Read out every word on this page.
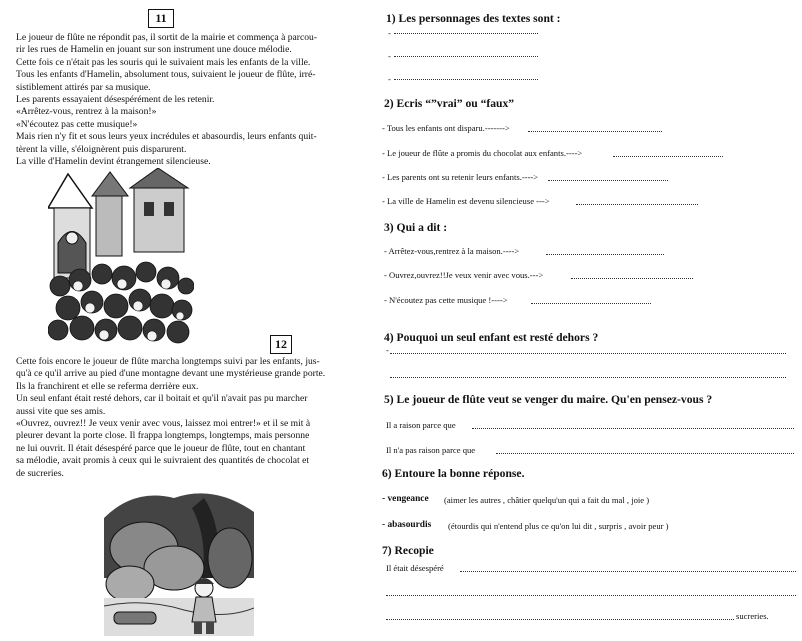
11
Le joueur de flûte ne répondit pas, il sortit de la mairie et commença à parcou-
rir les rues de Hamelin en jouant sur son instrument une douce mélodie.
Cette fois ce n'était pas les souris qui le suivaient mais les enfants de la ville.
Tous les enfants d'Hamelin, absolument tous, suivaient le joueur de flûte, irré-
sistiblement attirés par sa musique.
Les parents essayaient désespérément de les retenir.
«Arrêtez-vous, rentrez à la maison!»
«N'écoutez pas cette musique!»
Mais rien n'y fit et sous leurs yeux incrédules et abasourdis, leurs enfants quit-
tèrent la ville, s'éloignèrent puis disparurent.
La ville d'Hamelin devint étrangement silencieuse.
12
Cette fois encore le joueur de flûte marcha longtemps suivi par les enfants, jus-
qu'à ce qu'il arrive au pied d'une montagne devant une mystérieuse grande porte.
Ils la franchirent et elle se referma derrière eux.
Un seul enfant était resté dehors, car il boitait et qu'il n'avait pas pu marcher
aussi vite que ses amis.
«Ouvrez, ouvrez!! Je veux venir avec vous, laissez moi entrer!» et il se mit à
pleurer devant la porte close. Il frappa longtemps, longtemps, mais personne
ne lui ouvrit. Il était désespéré parce que le joueur de flûte, tout en chantant
sa mélodie, avait promis à ceux qui le suivraient des quantités de chocolat et
de sucreries.
1) Les personnages des textes sont :
-
-
-
2) Ecris “”vrai” ou “faux”
- Tous les enfants ont disparu.------->
- Le joueur de flûte a promis du chocolat aux enfants.---->
- Les parents ont su retenir leurs enfants.---->
- La ville de Hamelin est devenu silencieuse --->
3) Qui a dit :
- Arrêtez-vous,rentrez à la maison.---->
- Ouvrez,ouvrez!!Je veux venir avec vous.--->
- N'écoutez pas cette musique !---->
4) Pouquoi un seul enfant est resté dehors ?
-
5) Le joueur de flûte veut se venger du maire. Qu'en pensez-vous ?
Il a raison parce que
Il n'a pas raison parce que
6) Entoure la bonne réponse.
- vengeance (aimer les autres , châtier quelqu'un qui a fait du mal , joie )
- abasourdis (étourdis qui n'entend plus ce qu'on lui dit , surpris , avoir peur )
7) Recopie
Il était désespéré
sucreries.
